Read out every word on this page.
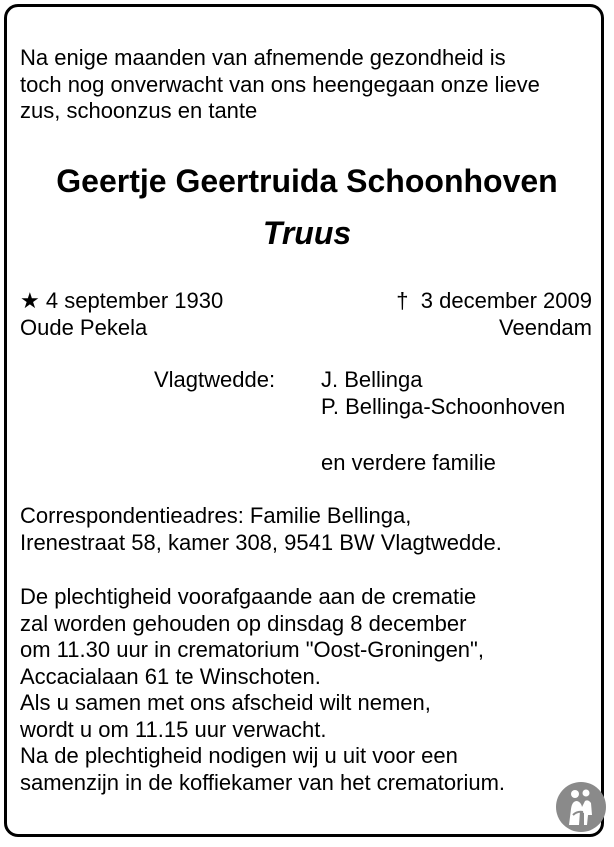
Na enige maanden van afnemende gezondheid is
toch nog onverwacht van ons heengegaan onze lieve
zus, schoonzus en tante
Geertje Geertruida Schoonhoven
Truus
★ 4 september 1930
Oude Pekela
† 3 december 2009
Veendam
Vlagtwedde: J. Bellinga
P. Bellinga-Schoonhoven
en verdere familie
Correspondentieadres: Familie Bellinga,
Irenestraat 58, kamer 308, 9541 BW Vlagtwedde.
De plechtigheid voorafgaande aan de crematie
zal worden gehouden op dinsdag 8 december
om 11.30 uur in crematorium "Oost-Groningen",
Accacialaan 61 te Winschoten.
Als u samen met ons afscheid wilt nemen,
wordt u om 11.15 uur verwacht.
Na de plechtigheid nodigen wij u uit voor een
samenzijn in de koffiekamer van het crematorium.
